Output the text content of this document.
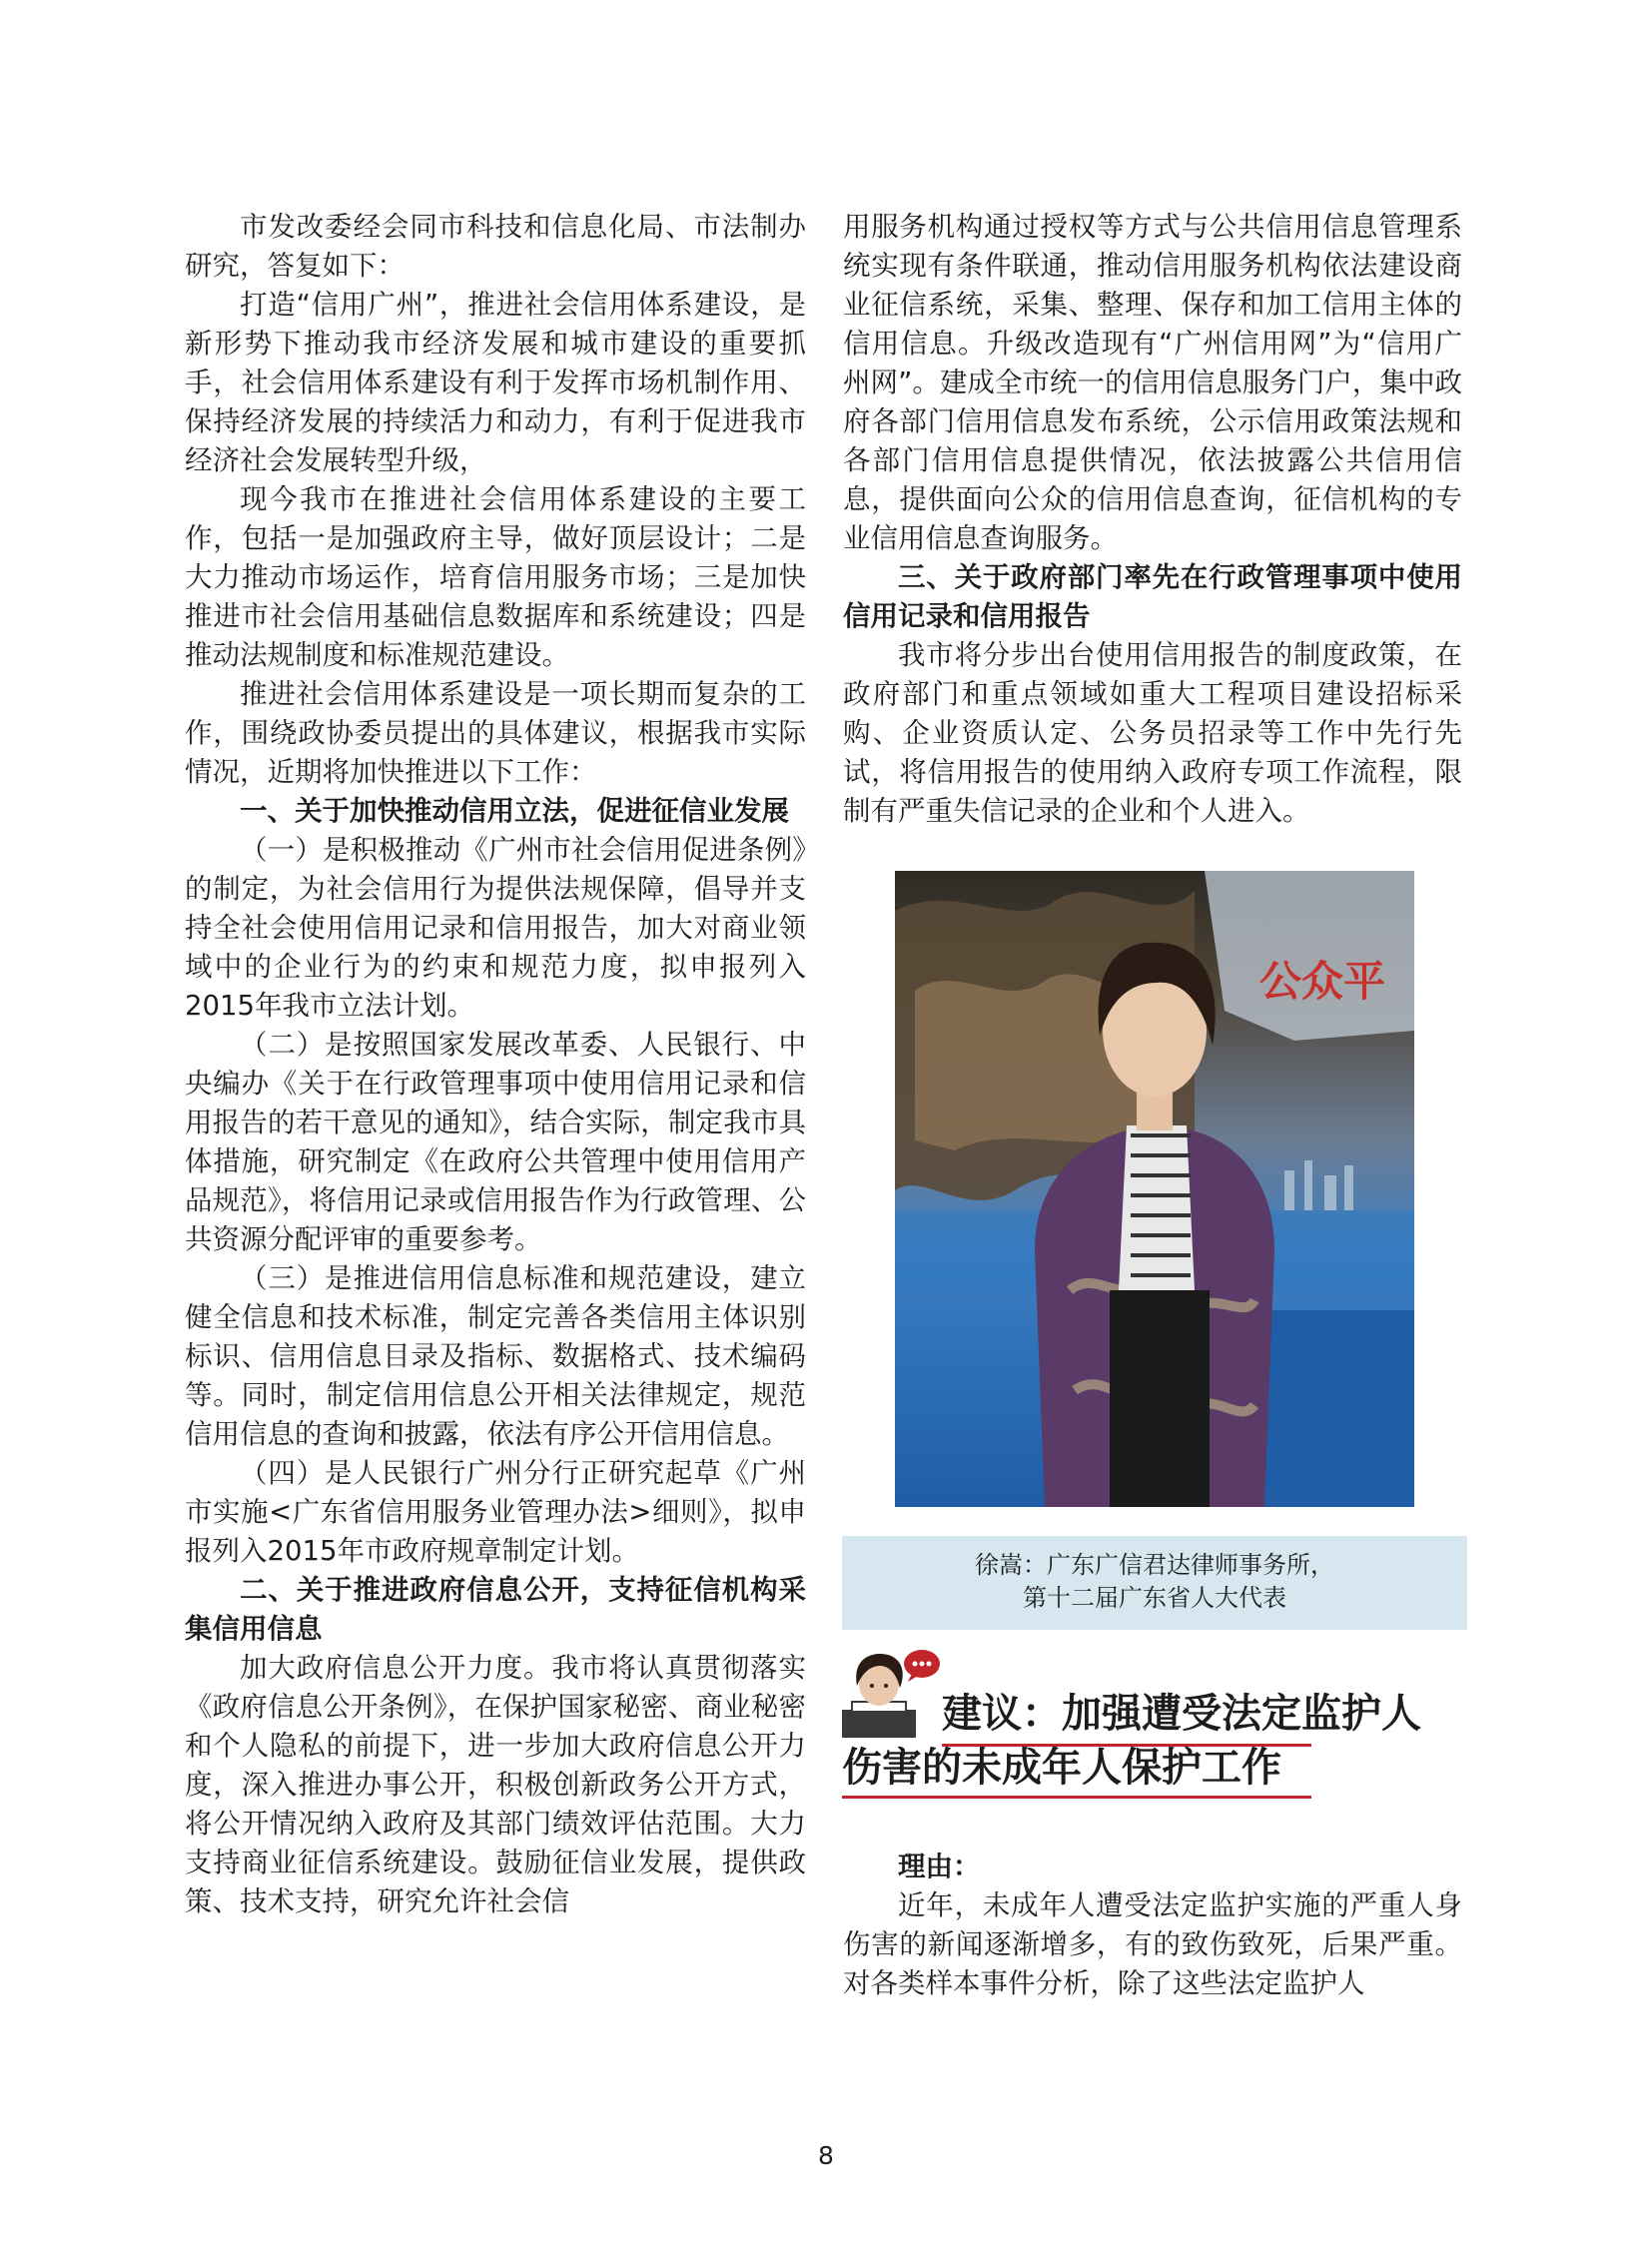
市发改委经会同市科技和信息化局、市法制办研究，答复如下：

打造“信用广州”，推进社会信用体系建设，是新形势下推动我市经济发展和城市建设的重要抓手，社会信用体系建设有利于发挥市场机制作用、保持经济发展的持续活力和动力，有利于促进我市经济社会发展转型升级，

现今我市在推进社会信用体系建设的主要工作，包括一是加强政府主导，做好顶层设计；二是大力推动市场运作，培育信用服务市场；三是加快推进市社会信用基础信息数据库和系统建设；四是推动法规制度和标准规范建设。

推进社会信用体系建设是一项长期而复杂的工作，围绕政协委员提出的具体建议，根据我市实际情况，近期将加快推进以下工作：

一、关于加快推动信用立法，促进征信业发展

（一）是积极推动《广州市社会信用促进条例》的制定，为社会信用行为提供法规保障，倡导并支持全社会使用信用记录和信用报告，加大对商业领域中的企业行为的约束和规范力度，拟申报列入2015年我市立法计划。

（二）是按照国家发展改革委、人民银行、中央编办《关于在行政管理事项中使用信用记录和信用报告的若干意见的通知》，结合实际，制定我市具体措施，研究制定《在政府公共管理中使用信用产品规范》，将信用记录或信用报告作为行政管理、公共资源分配评审的重要参考。

（三）是推进信用信息标准和规范建设，建立健全信息和技术标准，制定完善各类信用主体识别标识、信用信息目录及指标、数据格式、技术编码等。同时，制定信用信息公开相关法律规定，规范信用信息的查询和披露，依法有序公开信用信息。

（四）是人民银行广州分行正研究起草《广州市实施<广东省信用服务业管理办法>细则》，拟申报列入2015年市政府规章制定计划。

二、关于推进政府信息公开，支持征信机构采集信用信息

加大政府信息公开力度。我市将认真贯彻落实《政府信息公开条例》，在保护国家秘密、商业秘密和个人隐私的前提下，进一步加大政府信息公开力度，深入推进办事公开，积极创新政务公开方式，将公开情况纳入政府及其部门绩效评估范围。大力支持商业征信系统建设。鼓励征信业发展，提供政策、技术支持，研究允许社会信

用服务机构通过授权等方式与公共信用信息管理系统实现有条件联通，推动信用服务机构依法建设商业征信系统，采集、整理、保存和加工信用主体的信用信息。升级改造现有“广州信用网”为“信用广州网”。建成全市统一的信用信息服务门户，集中政府各部门信用信息发布系统，公示信用政策法规和各部门信用信息提供情况，依法披露公共信用信息，提供面向公众的信用信息查询，征信机构的专业信用信息查询服务。

三、关于政府部门率先在行政管理事项中使用信用记录和信用报告

我市将分步出台使用信用报告的制度政策，在政府部门和重点领域如重大工程项目建设招标采购、企业资质认定、公务员招录等工作中先行先试，将信用报告的使用纳入政府专项工作流程，限制有严重失信记录的企业和个人进入。

公众平
徐嵩：广东广信君达律师事务所，
第十二届广东省人大代表
建议：加强遭受法定监护人
伤害的未成年人保护工作

理由：

近年，未成年人遭受法定监护实施的严重人身伤害的新闻逐渐增多，有的致伤致死，后果严重。对各类样本事件分析，除了这些法定监护人

8
